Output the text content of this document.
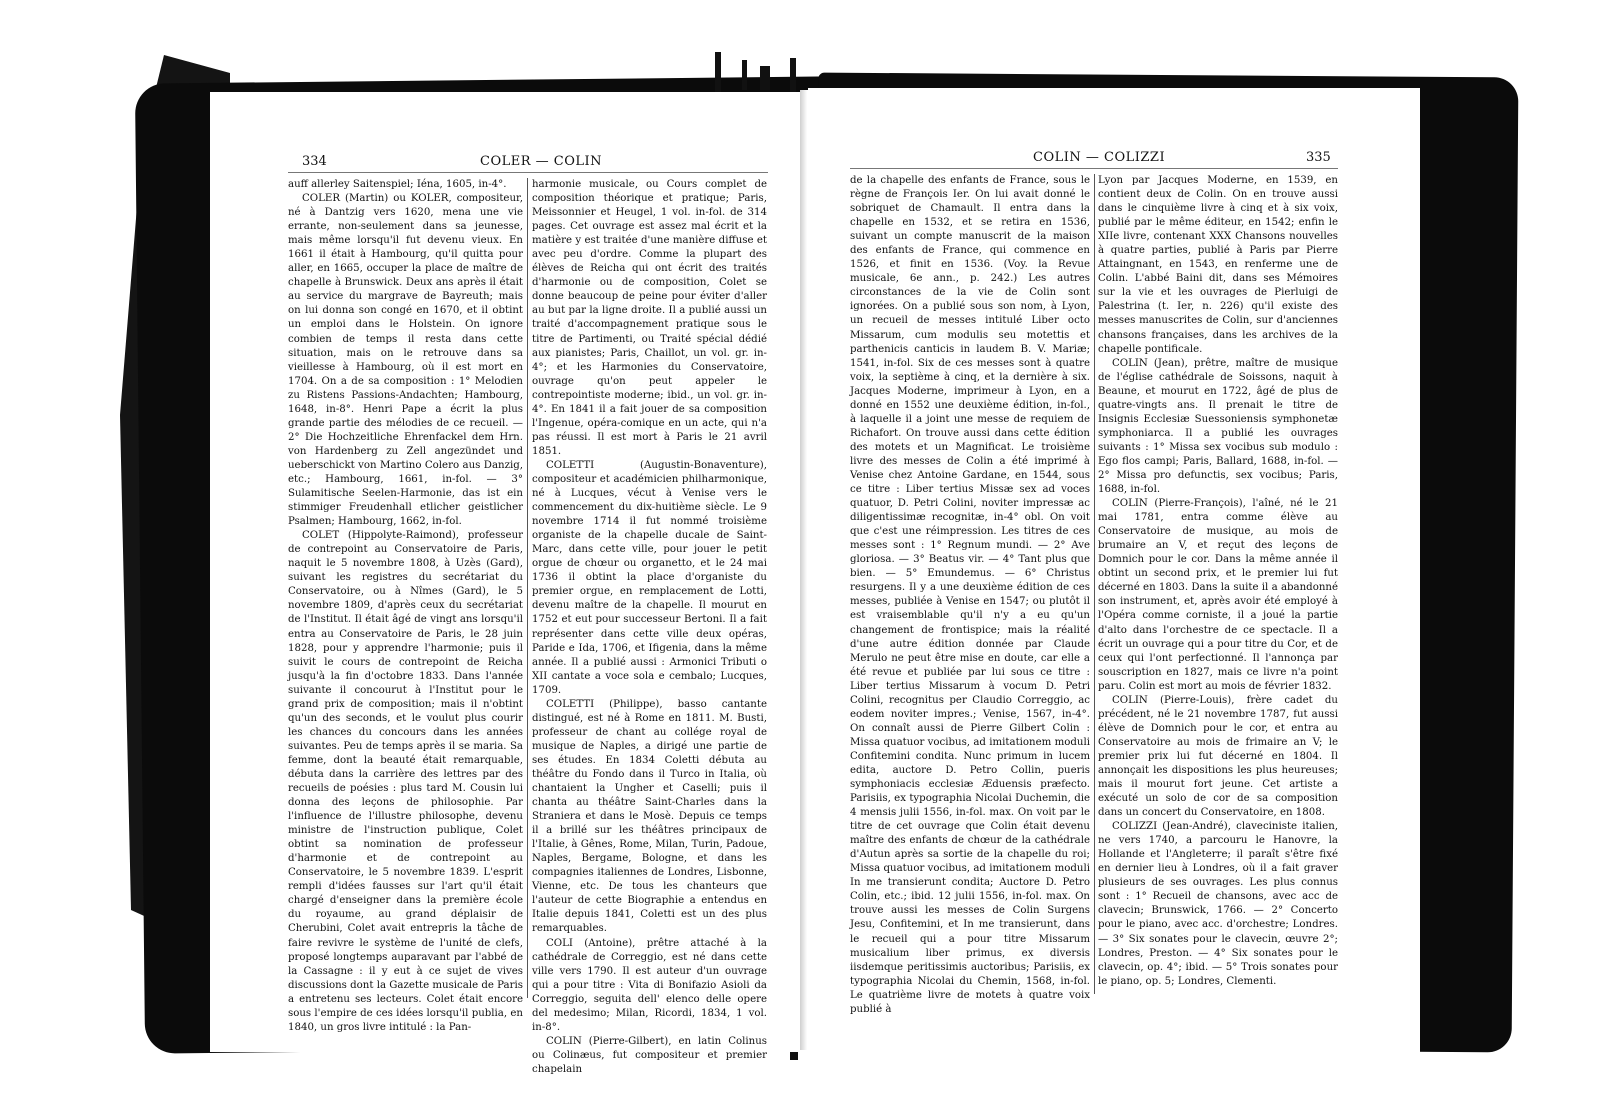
334	COLER — COLIN

auff allerley Saitenspiel; Iéna, 1605, in-4°.

COLER (Martin) ou KOLER, compositeur, né à Dantzig vers 1620, mena une vie errante, non-seulement dans sa jeunesse, mais même lorsqu'il fut devenu vieux. En 1661 il était à Hambourg, qu'il quitta pour aller, en 1665, occuper la place de maître de chapelle à Brunswick. Deux ans après il était au service du margrave de Bayreuth; mais on lui donna son congé en 1670, et il obtint un emploi dans le Holstein. On ignore combien de temps il resta dans cette situation, mais on le retrouve dans sa vieillesse à Hambourg, où il est mort en 1704. On a de sa composition : 1° Melodien zu Ristens Passions-Andachten; Hambourg, 1648, in-8°. Henri Pape a écrit la plus grande partie des mélodies de ce recueil. — 2° Die Hochzeitliche Ehrenfackel dem Hrn. von Hardenberg zu Zell angezündet und ueberschickt von Martino Colero aus Danzig, etc.; Hambourg, 1661, in-fol. — 3° Sulamitische Seelen-Harmonie, das ist ein stimmiger Freudenhall etlicher geistlicher Psalmen; Hambourg, 1662, in-fol.

COLET (Hippolyte-Raimond), professeur de contrepoint au Conservatoire de Paris, naquit le 5 novembre 1808, à Uzès (Gard), suivant les registres du secrétariat du Conservatoire, ou à Nîmes (Gard), le 5 novembre 1809, d'après ceux du secrétariat de l'Institut. Il était âgé de vingt ans lorsqu'il entra au Conservatoire de Paris, le 28 juin 1828, pour y apprendre l'harmonie; puis il suivit le cours de contrepoint de Reicha jusqu'à la fin d'octobre 1833. Dans l'année suivante il concourut à l'Institut pour le grand prix de composition; mais il n'obtint qu'un des seconds, et le voulut plus courir les chances du concours dans les années suivantes. Peu de temps après il se maria. Sa femme, dont la beauté était remarquable, débuta dans la carrière des lettres par des recueils de poésies : plus tard M. Cousin lui donna des leçons de philosophie. Par l'influence de l'illustre philosophe, devenu ministre de l'instruction publique, Colet obtint sa nomination de professeur d'harmonie et de contrepoint au Conservatoire, le 5 novembre 1839. L'esprit rempli d'idées fausses sur l'art qu'il était chargé d'enseigner dans la première école du royaume, au grand déplaisir de Cherubini, Colet avait entrepris la tâche de faire revivre le système de l'unité de clefs, proposé longtemps auparavant par l'abbé de la Cassagne : il y eut à ce sujet de vives discussions dont la Gazette musicale de Paris a entretenu ses lecteurs. Colet était encore sous l'empire de ces idées lorsqu'il publia, en 1840, un gros livre intitulé : la Pan-

harmonie musicale, ou Cours complet de composition théorique et pratique; Paris, Meissonnier et Heugel, 1 vol. in-fol. de 314 pages. Cet ouvrage est assez mal écrit et la matière y est traitée d'une manière diffuse et avec peu d'ordre. Comme la plupart des élèves de Reicha qui ont écrit des traités d'harmonie ou de composition, Colet se donne beaucoup de peine pour éviter d'aller au but par la ligne droite. Il a publié aussi un traité d'accompagnement pratique sous le titre de Partimenti, ou Traité spécial dédié aux pianistes; Paris, Chaillot, un vol. gr. in-4°; et les Harmonies du Conservatoire, ouvrage qu'on peut appeler le contrepointiste moderne; ibid., un vol. gr. in-4°. En 1841 il a fait jouer de sa composition l'Ingenue, opéra-comique en un acte, qui n'a pas réussi. Il est mort à Paris le 21 avril 1851.

COLETTI (Augustin-Bonaventure), compositeur et académicien philharmonique, né à Lucques, vécut à Venise vers le commencement du dix-huitième siècle. Le 9 novembre 1714 il fut nommé troisième organiste de la chapelle ducale de Saint-Marc, dans cette ville, pour jouer le petit orgue de chœur ou organetto, et le 24 mai 1736 il obtint la place d'organiste du premier orgue, en remplacement de Lotti, devenu maître de la chapelle. Il mourut en 1752 et eut pour successeur Bertoni. Il a fait représenter dans cette ville deux opéras, Paride e Ida, 1706, et Ifigenia, dans la même année. Il a publié aussi : Armonici Tributi o XII cantate a voce sola e cembalo; Lucques, 1709.

COLETTI (Philippe), basso cantante distingué, est né à Rome en 1811. M. Busti, professeur de chant au collége royal de musique de Naples, a dirigé une partie de ses études. En 1834 Coletti débuta au théâtre du Fondo dans il Turco in Italia, où chantaient la Ungher et Caselli; puis il chanta au théâtre Saint-Charles dans la Straniera et dans le Mosè. Depuis ce temps il a brillé sur les théâtres principaux de l'Italie, à Gênes, Rome, Milan, Turin, Padoue, Naples, Bergame, Bologne, et dans les compagnies italiennes de Londres, Lisbonne, Vienne, etc. De tous les chanteurs que l'auteur de cette Biographie a entendus en Italie depuis 1841, Coletti est un des plus remarquables.

COLI (Antoine), prêtre attaché à la cathédrale de Correggio, est né dans cette ville vers 1790. Il est auteur d'un ouvrage qui a pour titre : Vita di Bonifazio Asioli da Correggio, seguita dell' elenco delle opere del medesimo; Milan, Ricordi, 1834, 1 vol. in-8°.

COLIN (Pierre-Gilbert), en latin Colinus ou Colinæus, fut compositeur et premier chapelain

COLIN — COLIZZI	335

de la chapelle des enfants de France, sous le règne de François Ier. On lui avait donné le sobriquet de Chamault. Il entra dans la chapelle en 1532, et se retira en 1536, suivant un compte manuscrit de la maison des enfants de France, qui commence en 1526, et finit en 1536. (Voy. la Revue musicale, 6e ann., p. 242.) Les autres circonstances de la vie de Colin sont ignorées. On a publié sous son nom, à Lyon, un recueil de messes intitulé Liber octo Missarum, cum modulis seu motettis et parthenicis canticis in laudem B. V. Mariæ; 1541, in-fol. Six de ces messes sont à quatre voix, la septième à cinq, et la dernière à six. Jacques Moderne, imprimeur à Lyon, en a donné en 1552 une deuxième édition, in-fol., à laquelle il a joint une messe de requiem de Richafort. On trouve aussi dans cette édition des motets et un Magnificat. Le troisième livre des messes de Colin a été imprimé à Venise chez Antoine Gardane, en 1544, sous ce titre : Liber tertius Missæ sex ad voces quatuor, D. Petri Colini, noviter impressæ ac diligentissimæ recognitæ, in-4° obl. On voit que c'est une réimpression. Les titres de ces messes sont : 1° Regnum mundi. — 2° Ave gloriosa. — 3° Beatus vir. — 4° Tant plus que bien. — 5° Emundemus. — 6° Christus resurgens. Il y a une deuxième édition de ces messes, publiée à Venise en 1547; ou plutôt il est vraisemblable qu'il n'y a eu qu'un changement de frontispice; mais la réalité d'une autre édition donnée par Claude Merulo ne peut être mise en doute, car elle a été revue et publiée par lui sous ce titre : Liber tertius Missarum à vocum D. Petri Colini, recognitus per Claudio Correggio, ac eodem noviter impres.; Venise, 1567, in-4°. On connaît aussi de Pierre Gilbert Colin : Missa quatuor vocibus, ad imitationem moduli Confitemini condita. Nunc primum in lucem edita, auctore D. Petro Collin, pueris symphoniacis ecclesiæ Æduensis præfecto. Parisiis, ex typographia Nicolai Duchemin, die 4 mensis julii 1556, in-fol. max. On voit par le titre de cet ouvrage que Colin était devenu maître des enfants de chœur de la cathédrale d'Autun après sa sortie de la chapelle du roi; Missa quatuor vocibus, ad imitationem moduli In me transierunt condita; Auctore D. Petro Colin, etc.; ibid. 12 julii 1556, in-fol. max. On trouve aussi les messes de Colin Surgens Jesu, Confitemini, et In me transierunt, dans le recueil qui a pour titre Missarum musicalium liber primus, ex diversis iisdemque peritissimis auctoribus; Parisiis, ex typographia Nicolai du Chemin, 1568, in-fol. Le quatrième livre de motets à quatre voix publié à

Lyon par Jacques Moderne, en 1539, en contient deux de Colin. On en trouve aussi dans le cinquième livre à cinq et à six voix, publié par le même éditeur, en 1542; enfin le XIIe livre, contenant XXX Chansons nouvelles à quatre parties, publié à Paris par Pierre Attaingnant, en 1543, en renferme une de Colin. L'abbé Baini dit, dans ses Mémoires sur la vie et les ouvrages de Pierluigi de Palestrina (t. Ier, n. 226) qu'il existe des messes manuscrites de Colin, sur d'anciennes chansons françaises, dans les archives de la chapelle pontificale.

COLIN (Jean), prêtre, maître de musique de l'église cathédrale de Soissons, naquit à Beaune, et mourut en 1722, âgé de plus de quatre-vingts ans. Il prenait le titre de Insignis Ecclesiæ Suessoniensis symphonetæ symphoniarca. Il a publié les ouvrages suivants : 1° Missa sex vocibus sub modulo : Ego flos campi; Paris, Ballard, 1688, in-fol. — 2° Missa pro defunctis, sex vocibus; Paris, 1688, in-fol.

COLIN (Pierre-François), l'aîné, né le 21 mai 1781, entra comme élève au Conservatoire de musique, au mois de brumaire an V, et reçut des leçons de Domnich pour le cor. Dans la même année il obtint un second prix, et le premier lui fut décerné en 1803. Dans la suite il a abandonné son instrument, et, après avoir été employé à l'Opéra comme corniste, il a joué la partie d'alto dans l'orchestre de ce spectacle. Il a écrit un ouvrage qui a pour titre du Cor, et de ceux qui l'ont perfectionné. Il l'annonça par souscription en 1827, mais ce livre n'a point paru. Colin est mort au mois de février 1832.

COLIN (Pierre-Louis), frère cadet du précédent, né le 21 novembre 1787, fut aussi élève de Domnich pour le cor, et entra au Conservatoire au mois de frimaire an V; le premier prix lui fut décerné en 1804. Il annonçait les dispositions les plus heureuses; mais il mourut fort jeune. Cet artiste a exécuté un solo de cor de sa composition dans un concert du Conservatoire, en 1808.

COLIZZI (Jean-André), claveciniste italien, ne vers 1740, a parcouru le Hanovre, la Hollande et l'Angleterre; il paraît s'être fixé en dernier lieu à Londres, où il a fait graver plusieurs de ses ouvrages. Les plus connus sont : 1° Recueil de chansons, avec acc de clavecin; Brunswick, 1766. — 2° Concerto pour le piano, avec acc. d'orchestre; Londres. — 3° Six sonates pour le clavecin, œuvre 2°; Londres, Preston. — 4° Six sonates pour le clavecin, op. 4°; ibid. — 5° Trois sonates pour le piano, op. 5; Londres, Clementi.
